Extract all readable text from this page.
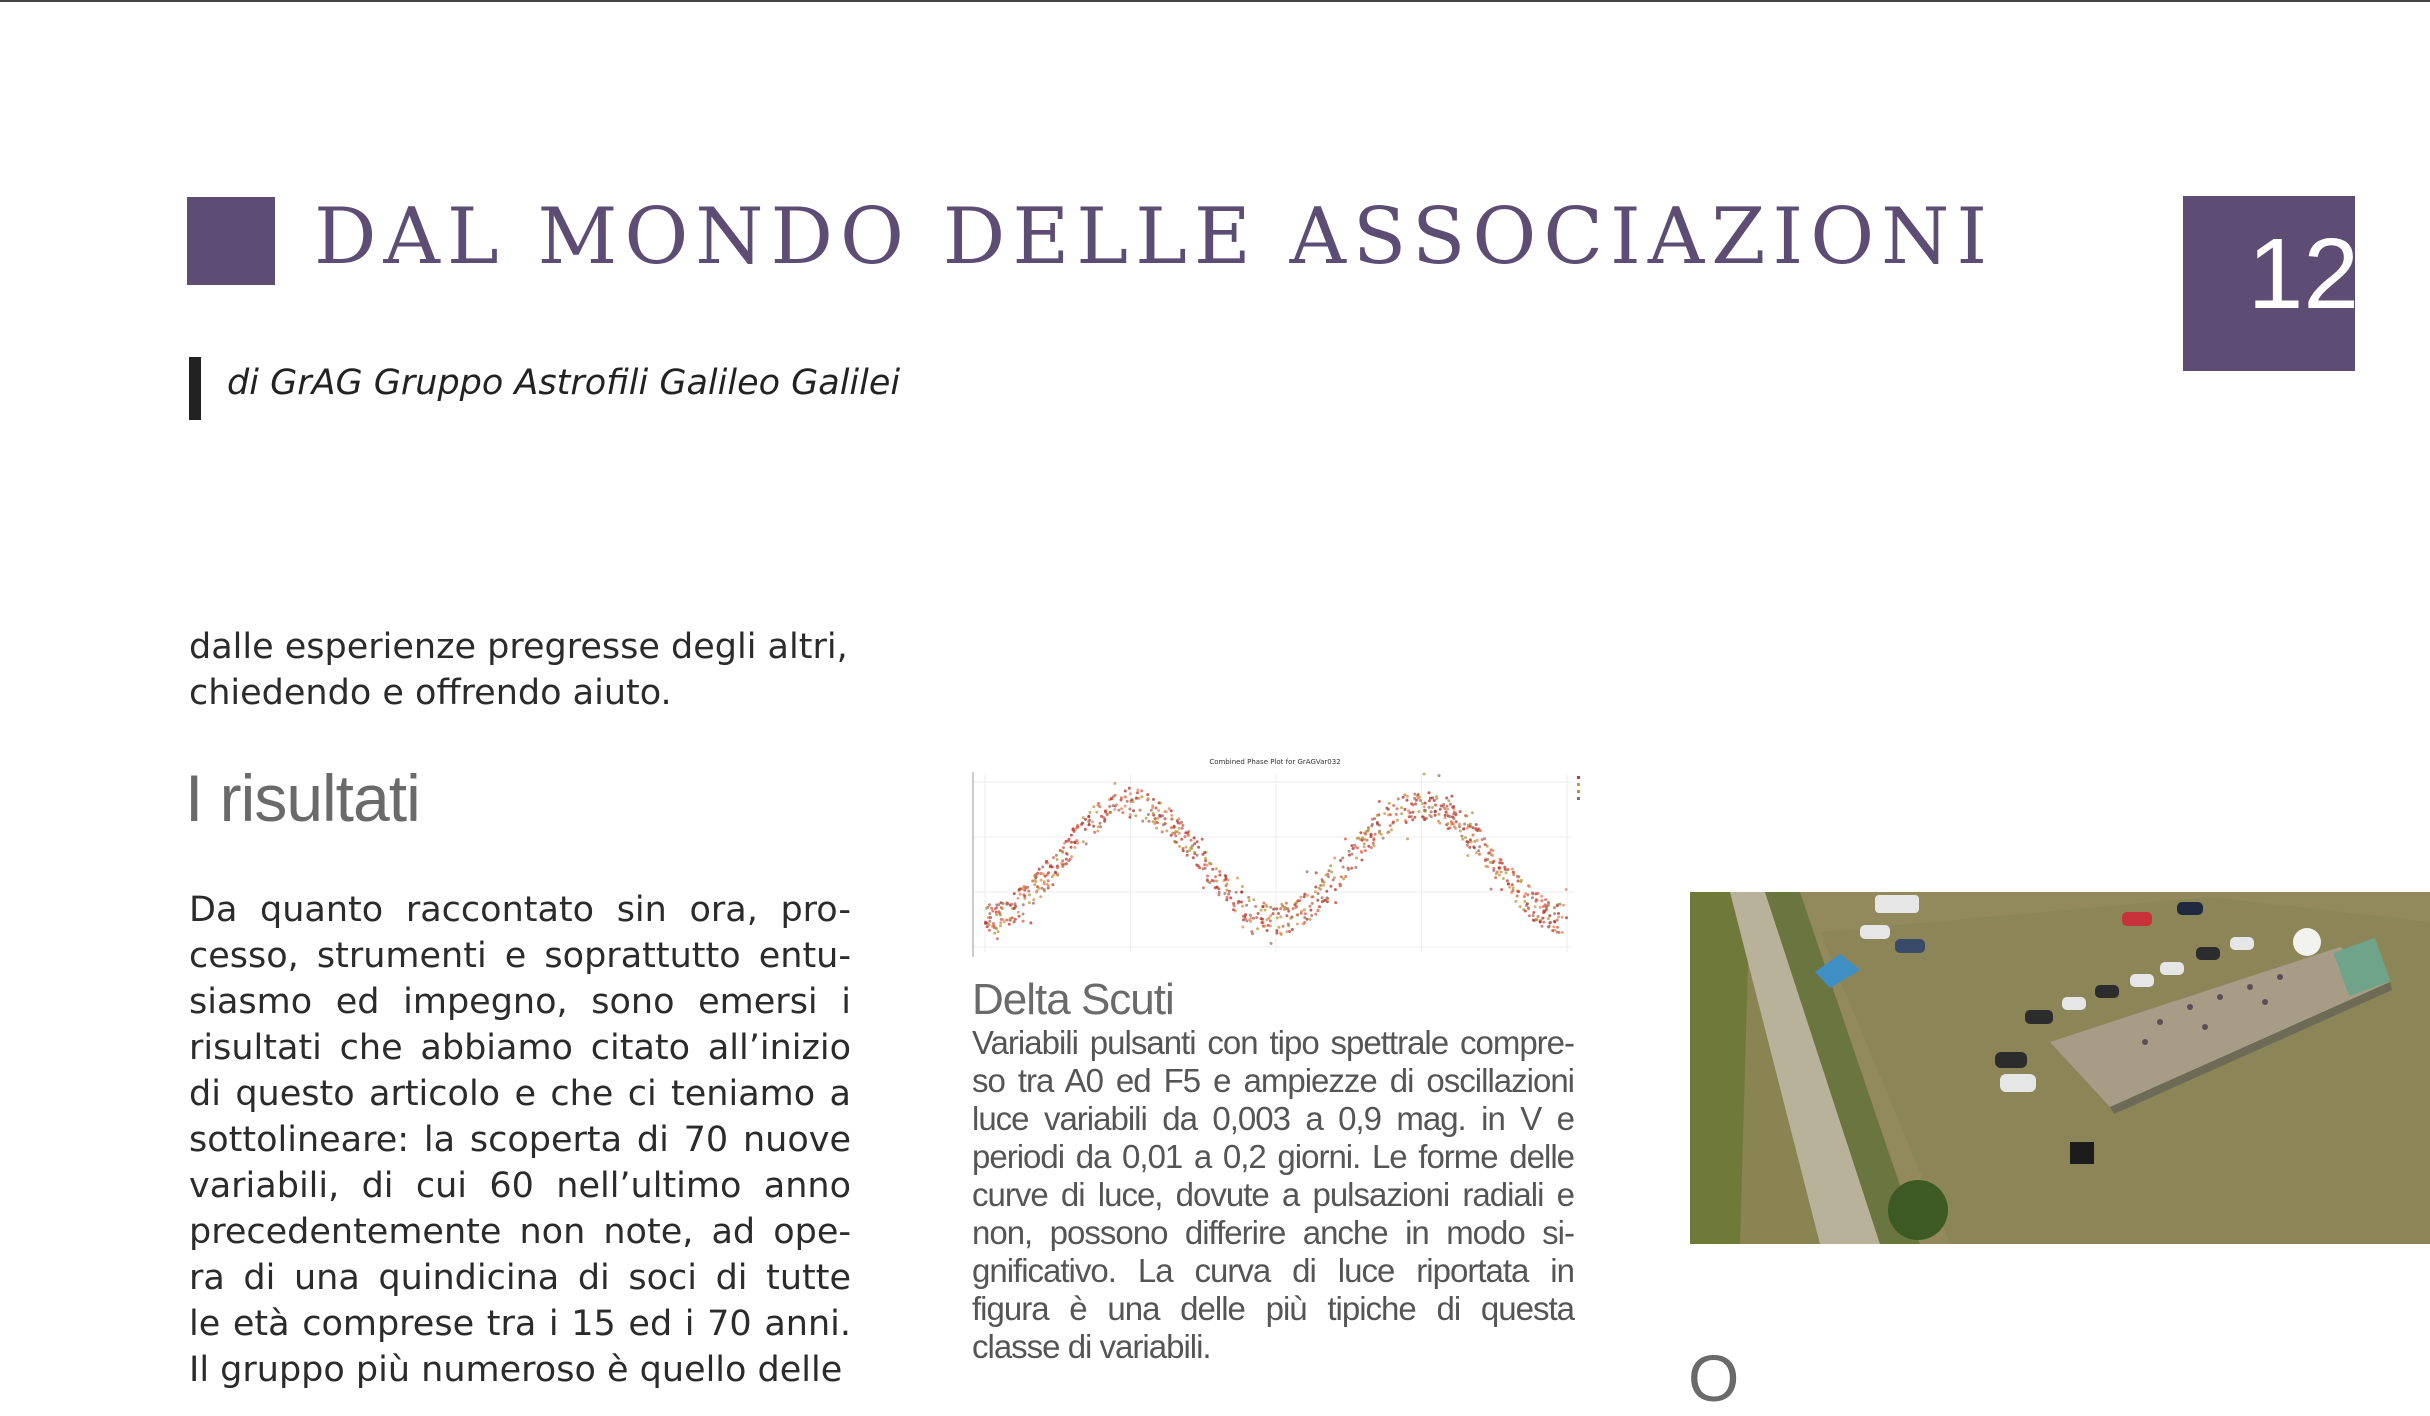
DAL MONDO DELLE ASSOCIAZIONI	12
di GrAG Gruppo Astrofili Galileo Galilei

dalle esperienze pregresse degli altri,
chiedendo e offrendo aiuto.

I risultati

Da quanto raccontato sin ora, pro-
cesso, strumenti e soprattutto entu-
siasmo ed impegno, sono emersi i
risultati che abbiamo citato all’inizio
di questo articolo e che ci teniamo a
sottolineare: la scoperta di 70 nuove
variabili, di cui 60 nell’ultimo anno
precedentemente non note, ad ope-
ra di una quindicina di soci di tutte
le età comprese tra i 15 ed i 70 anni.
Il gruppo più numeroso è quello delle

Combined Phase Plot for GrAGVar032
Delta Scuti

Variabili pulsanti con tipo spettrale compre-
so tra A0 ed F5 e ampiezze di oscillazioni
luce variabili da 0,003 a 0,9 mag. in V e
periodi da 0,01 a 0,2 giorni. Le forme delle
curve di luce, dovute a pulsazioni radiali e
non, possono differire anche in modo si-
gnificativo. La curva di luce riportata in
figura è una delle più tipiche di questa
classe di variabili.	O
